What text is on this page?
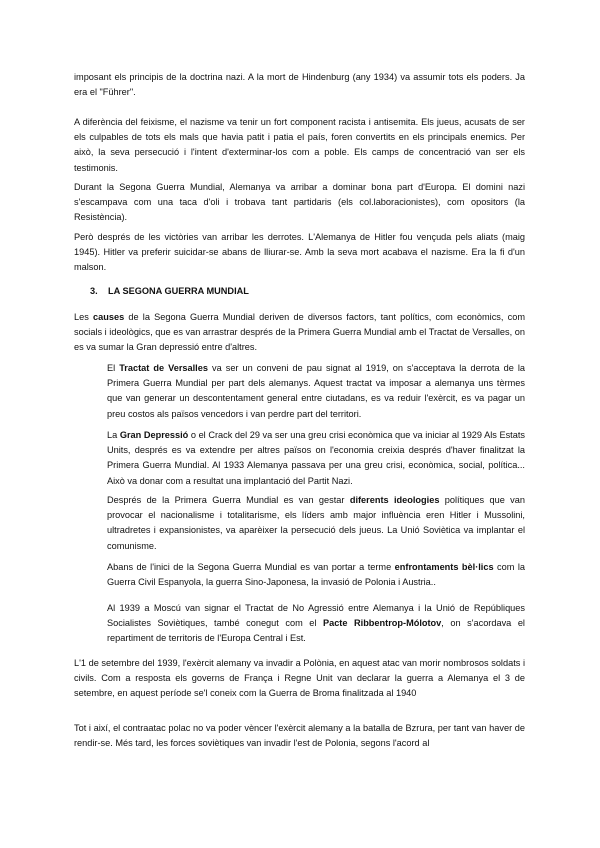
imposant els principis de la doctrina nazi. A la mort de Hindenburg (any 1934) va assumir tots els poders. Ja era el "Führer".

A diferència del feixisme, el nazisme va tenir un fort component racista i antisemita. Els jueus, acusats de ser els culpables de tots els mals que havia patit i patia el país, foren convertits en els principals enemics. Per això, la seva persecució i l'intent d'exterminar-los com a poble. Els camps de concentració van ser els testimonis.

Durant la Segona Guerra Mundial, Alemanya va arribar a dominar bona part d'Europa. El domini nazi s'escampava com una taca d'oli i trobava tant partidaris (els col.laboracionistes), com opositors (la Resistència).

Però després de les victòries van arribar les derrotes. L'Alemanya de Hitler fou vençuda pels aliats (maig 1945). Hitler va preferir suicidar-se abans de lliurar-se. Amb la seva mort acabava el nazisme. Era la fi d'un malson.

3. LA SEGONA GUERRA MUNDIAL

Les causes de la Segona Guerra Mundial deriven de diversos factors, tant polítics, com econòmics, com socials i ideològics, que es van arrastrar després de la Primera Guerra Mundial amb el Tractat de Versalles, on es va sumar la Gran depressió entre d'altres.

El Tractat de Versalles va ser un conveni de pau signat al 1919, on s'acceptava la derrota de la Primera Guerra Mundial per part dels alemanys. Aquest tractat va imposar a alemanya uns tèrmes que van generar un descontentament general entre ciutadans, es va reduir l'exèrcit, es va pagar un preu costos als països vencedors i van perdre part del territori.

La Gran Depressió o el Crack del 29 va ser una greu crisi econòmica que va iniciar al 1929 Als Estats Units, després es va extendre per altres països on l'economia creixia després d'haver finalitzat la Primera Guerra Mundial. Al 1933 Alemanya passava per una greu crisi, econòmica, social, política... Això va donar com a resultat una implantació del Partit Nazi.

Després de la Primera Guerra Mundial es van gestar diferents ideologies polítiques que van provocar el nacionalisme i totalitarisme, els líders amb major influència eren Hitler i Mussolini, ultradretes i expansionistes, va aparèixer la persecució dels jueus. La Unió Soviètica va implantar el comunisme.

Abans de l'inici de la Segona Guerra Mundial es van portar a terme enfrontaments bèl·lics com la Guerra Civil Espanyola, la guerra Sino-Japonesa, la invasió de Polonia i Austria..

Al 1939 a Moscú van signar el Tractat de No Agressió entre Alemanya i la Unió de Repúbliques Socialistes Soviètiques, també conegut com el Pacte Ribbentrop-Mólotov, on s'acordava el repartiment de territoris de l'Europa Central i Est.

L'1 de setembre del 1939, l'exèrcit alemany va invadir a Polònia, en aquest atac van morir nombrosos soldats i civils. Com a resposta els governs de França i Regne Unit van declarar la guerra a Alemanya el 3 de setembre, en aquest període se'l coneix com la Guerra de Broma finalitzada al 1940

Tot i així, el contraatac polac no va poder vèncer l'exèrcit alemany a la batalla de Bzrura, per tant van haver de rendir-se. Més tard, les forces soviètiques van invadir l'est de Polonia, segons l'acord al
